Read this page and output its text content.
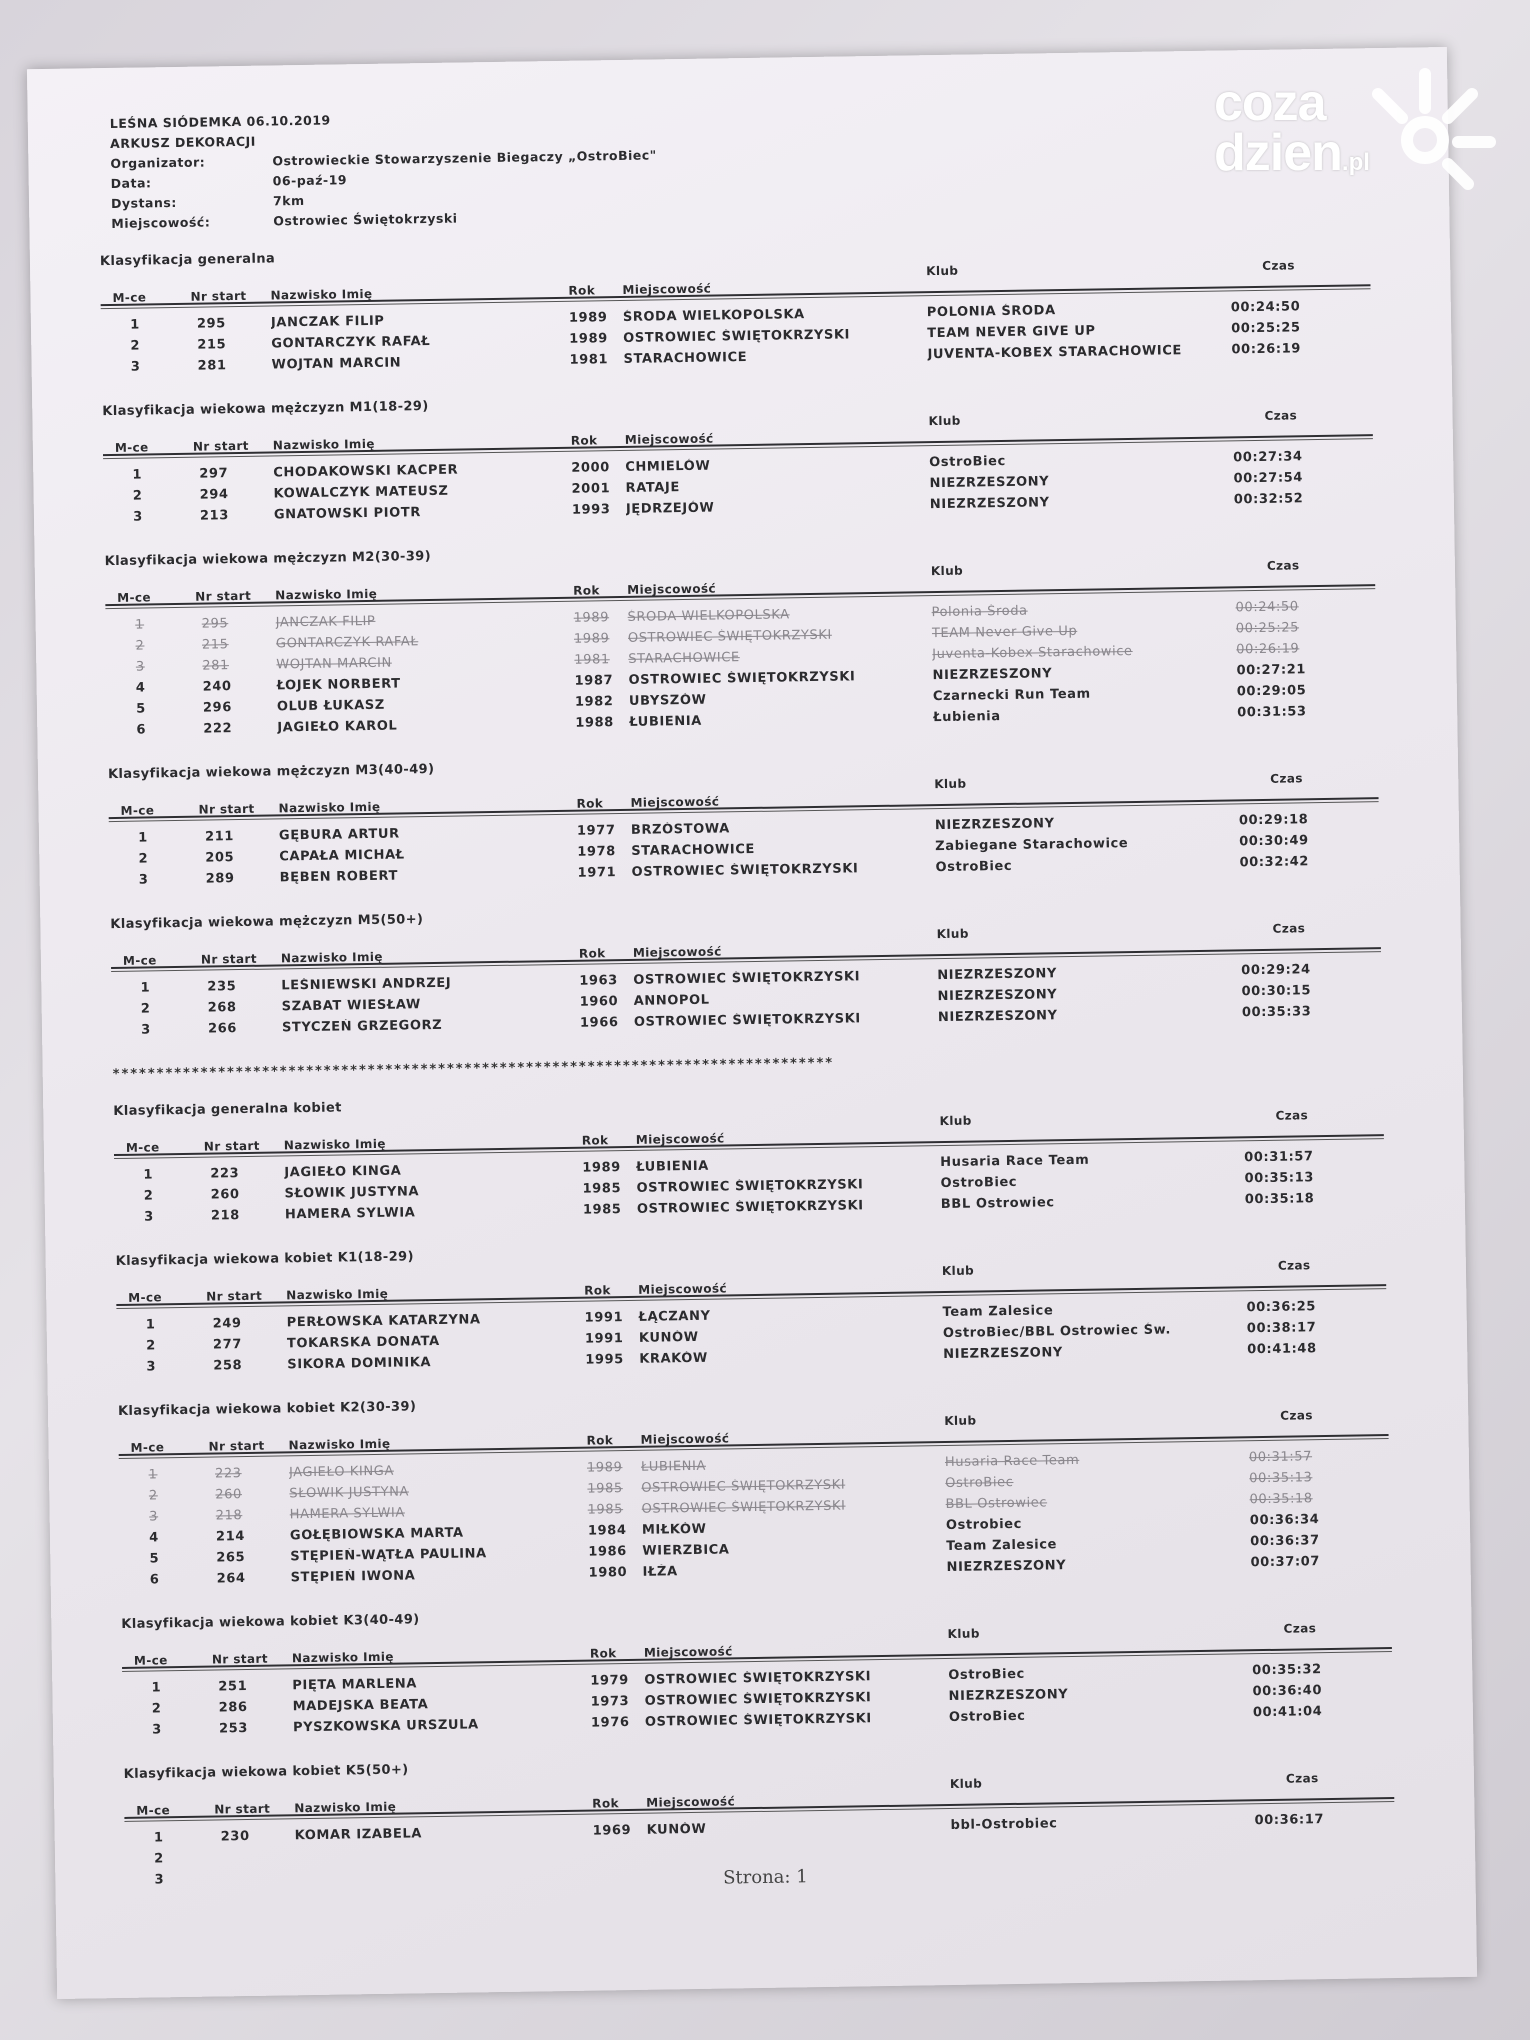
LEŚNA SIÓDEMKA 06.10.2019
ARKUSZ DEKORACJI
Organizator:	Ostrowieckie Stowarzyszenie Biegaczy „OstroBiec"
Data:	06-paź-19
Dystans:	7km
Miejscowość:	Ostrowiec Świętokrzyski
Klasyfikacja generalna
M-ce	Nr start	Nazwisko Imię	Rok	Miejscowość
Klub	Czas
1	295	JANCZAK FILIP	1989	ŚRODA WIELKOPOLSKA	POLONIA ŚRODA	00:24:50
2	215	GONTARCZYK RAFAŁ	1989	OSTROWIEC ŚWIĘTOKRZYSKI	TEAM NEVER GIVE UP	00:25:25
3	281	WOJTAN MARCIN	1981	STARACHOWICE	JUVENTA-KOBEX STARACHOWICE	00:26:19
Klasyfikacja wiekowa mężczyzn M1(18-29)
M-ce	Nr start	Nazwisko Imię	Rok	Miejscowość
Klub	Czas
1	297	CHODAKOWSKI KACPER	2000	CHMIELÓW	OstroBiec	00:27:34
2	294	KOWALCZYK MATEUSZ	2001	RATAJE	NIEZRZESZONY	00:27:54
3	213	GNATOWSKI PIOTR	1993	JĘDRZEJÓW	NIEZRZESZONY	00:32:52
Klasyfikacja wiekowa mężczyzn M2(30-39)
M-ce	Nr start	Nazwisko Imię	Rok	Miejscowość
Klub	Czas
1	295	JANCZAK FILIP	1989	ŚRODA WIELKOPOLSKA	Polonia Środa	00:24:50
2	215	GONTARCZYK RAFAŁ	1989	OSTROWIEC ŚWIĘTOKRZYSKI	TEAM Never Give Up	00:25:25
3	281	WOJTAN MARCIN	1981	STARACHOWICE	Juventa-Kobex Starachowice	00:26:19
4	240	ŁOJEK NORBERT	1987	OSTROWIEC ŚWIĘTOKRZYSKI	NIEZRZESZONY	00:27:21
5	296	OLUB ŁUKASZ	1982	UBYSZÓW	Czarnecki Run Team	00:29:05
6	222	JAGIEŁO KAROL	1988	ŁUBIENIA	Łubienia	00:31:53
Klasyfikacja wiekowa mężczyzn M3(40-49)
M-ce	Nr start	Nazwisko Imię	Rok	Miejscowość
Klub	Czas
1	211	GĘBURA ARTUR	1977	BRZÓSTOWA	NIEZRZESZONY	00:29:18
2	205	CAPAŁA MICHAŁ	1978	STARACHOWICE	Zabiegane Starachowice	00:30:49
3	289	BĘBEN ROBERT	1971	OSTROWIEC ŚWIĘTOKRZYSKI	OstroBiec	00:32:42
Klasyfikacja wiekowa mężczyzn M5(50+)
M-ce	Nr start	Nazwisko Imię	Rok	Miejscowość
Klub	Czas
1	235	LEŚNIEWSKI ANDRZEJ	1963	OSTROWIEC ŚWIĘTOKRZYSKI	NIEZRZESZONY	00:29:24
2	268	SZABAT WIESŁAW	1960	ANNOPOL	NIEZRZESZONY	00:30:15
3	266	STYCZEŃ GRZEGORZ	1966	OSTROWIEC ŚWIĘTOKRZYSKI	NIEZRZESZONY	00:35:33
**********************************************************************************
Klasyfikacja generalna kobiet
M-ce	Nr start	Nazwisko Imię	Rok	Miejscowość
Klub	Czas
1	223	JAGIEŁO KINGA	1989	ŁUBIENIA	Husaria Race Team	00:31:57
2	260	SŁOWIK JUSTYNA	1985	OSTROWIEC ŚWIĘTOKRZYSKI	OstroBiec	00:35:13
3	218	HAMERA SYLWIA	1985	OSTROWIEC ŚWIĘTOKRZYSKI	BBL Ostrowiec	00:35:18
Klasyfikacja wiekowa kobiet K1(18-29)
M-ce	Nr start	Nazwisko Imię	Rok	Miejscowość
Klub	Czas
1	249	PERŁOWSKA KATARZYNA	1991	ŁĄCZANY	Team Zalesice	00:36:25
2	277	TOKARSKA DONATA	1991	KUNÓW	OstroBiec/BBL Ostrowiec Św.	00:38:17
3	258	SIKORA DOMINIKA	1995	KRAKÓW	NIEZRZESZONY	00:41:48
Klasyfikacja wiekowa kobiet K2(30-39)
M-ce	Nr start	Nazwisko Imię	Rok	Miejscowość
Klub	Czas
1	223	JAGIEŁO KINGA	1989	ŁUBIENIA	Husaria Race Team	00:31:57
2	260	SŁOWIK JUSTYNA	1985	OSTROWIEC ŚWIĘTOKRZYSKI	OstroBiec	00:35:13
3	218	HAMERA SYLWIA	1985	OSTROWIEC ŚWIĘTOKRZYSKI	BBL Ostrowiec	00:35:18
4	214	GOŁĘBIOWSKA MARTA	1984	MIŁKÓW	Ostrobiec	00:36:34
5	265	STĘPIEŃ-WĄTŁA PAULINA	1986	WIERZBICA	Team Zalesice	00:36:37
6	264	STĘPIEŃ IWONA	1980	IŁŻA	NIEZRZESZONY	00:37:07
Klasyfikacja wiekowa kobiet K3(40-49)
M-ce	Nr start	Nazwisko Imię	Rok	Miejscowość
Klub	Czas
1	251	PIĘTA MARLENA	1979	OSTROWIEC ŚWIĘTOKRZYSKI	OstroBiec	00:35:32
2	286	MADEJSKA BEATA	1973	OSTROWIEC ŚWIĘTOKRZYSKI	NIEZRZESZONY	00:36:40
3	253	PYSZKOWSKA URSZULA	1976	OSTROWIEC ŚWIĘTOKRZYSKI	OstroBiec	00:41:04
Klasyfikacja wiekowa kobiet K5(50+)
M-ce	Nr start	Nazwisko Imię	Rok	Miejscowość
Klub	Czas
1	230	KOMAR IZABELA	1969	KUNÓW	bbl-Ostrobiec	00:36:17
2
3	Strona: 1
coza
dzien.pl
